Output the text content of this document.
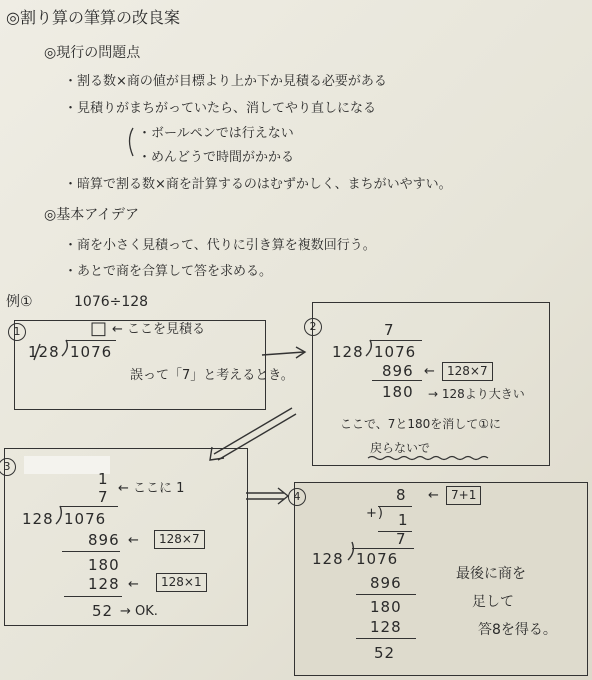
◎割り算の筆算の改良案
◎現行の問題点
・割る数×商の値が目標より上か下か見積る必要がある
・見積りがまちがっていたら、消してやり直しになる
・ボールペンでは行えない
・めんどうで時間がかかる
・暗算で割る数×商を計算するのはむずかしく、まちがいやすい。
◎基本アイデア
・商を小さく見積って、代りに引き算を複数回行う。
・あとで商を合算して答を求める。
例①	1076÷128
1	□ ← ここを見積る
128 1076
誤って「7」と考えるとき。
2	7
128 1076
896 ←	128×7
180 → 128より大きい
ここで、7と180を消して①に
戻らないで
3
1
← ここに 1
7
128 1076
896 ←	128×7
180
128 ←	128×1
52 → OK.
4	8 ←	7+1
+) 1
7
128 1076
896
180
128
52
最後に商を
足して
答8を得る。
